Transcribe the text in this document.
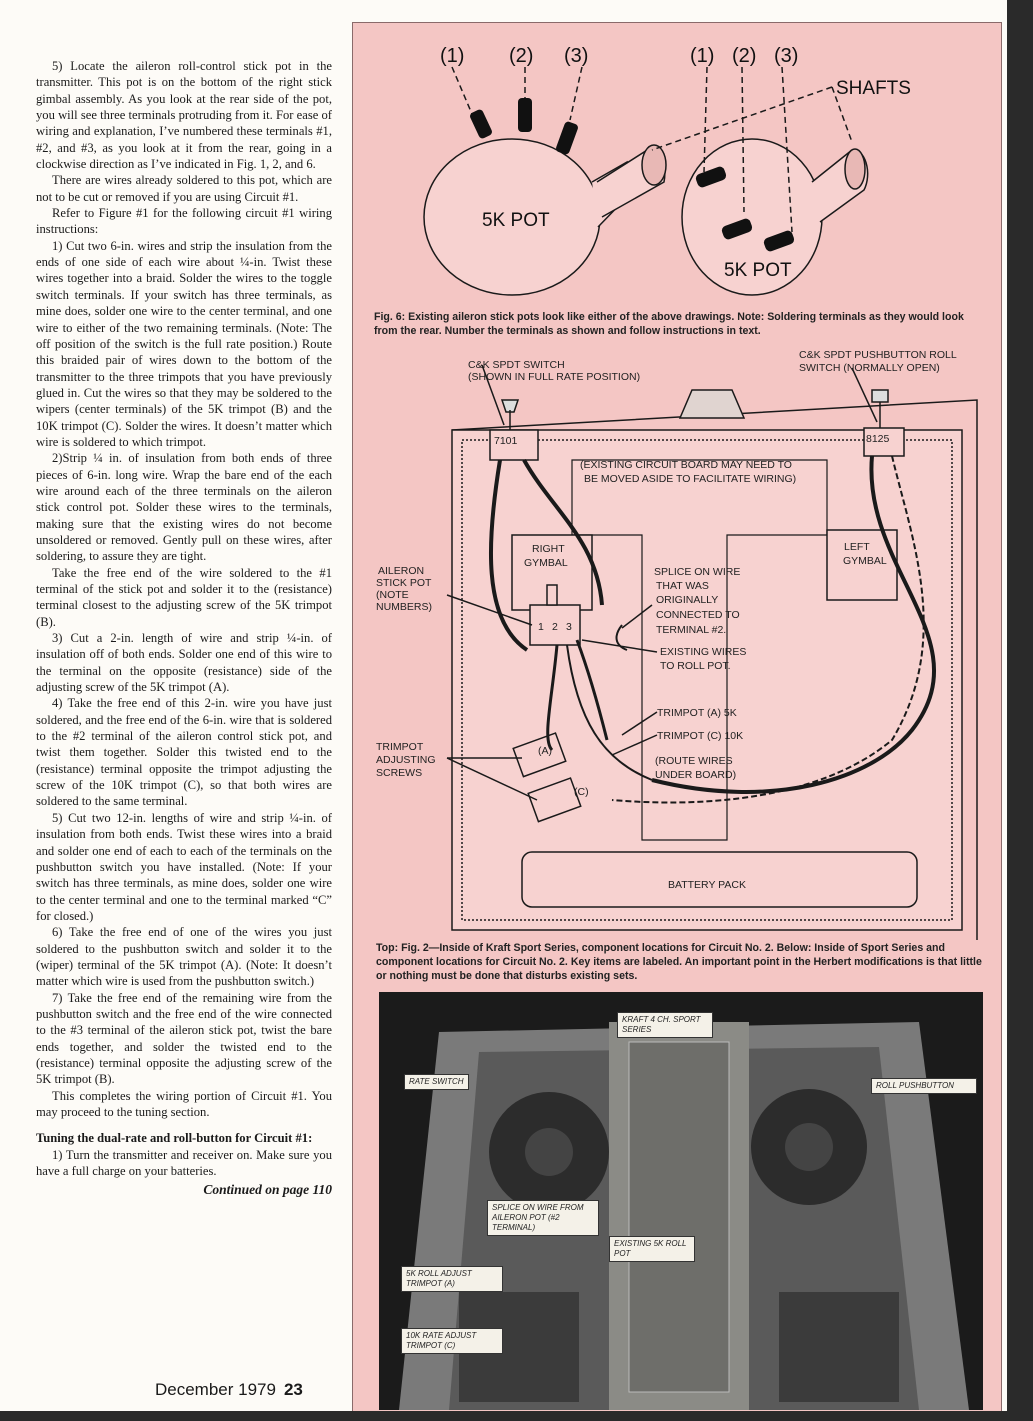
5) Locate the aileron roll-control stick pot in the transmitter. This pot is on the bottom of the right stick gimbal assembly. As you look at the rear side of the pot, you will see three terminals protruding from it. For ease of wiring and explanation, I’ve numbered these terminals #1, #2, and #3, as you look at it from the rear, going in a clockwise direction as I’ve indicated in Fig. 1, 2, and 6.

There are wires already soldered to this pot, which are not to be cut or removed if you are using Circuit #1.

Refer to Figure #1 for the following circuit #1 wiring instructions:

1) Cut two 6-in. wires and strip the insulation from the ends of one side of each wire about ¼-in. Twist these wires together into a braid. Solder the wires to the toggle switch terminals. If your switch has three terminals, as mine does, solder one wire to the center terminal, and one wire to either of the two remaining terminals. (Note: The off position of the switch is the full rate position.) Route this braided pair of wires down to the bottom of the transmitter to the three trimpots that you have previously glued in. Cut the wires so that they may be soldered to the wipers (center terminals) of the 5K trimpot (B) and the 10K trimpot (C). Solder the wires. It doesn’t matter which wire is soldered to which trimpot.

2)Strip ¼ in. of insulation from both ends of three pieces of 6-in. long wire. Wrap the bare end of the each wire around each of the three terminals on the aileron stick control pot. Solder these wires to the terminals, making sure that the existing wires do not become unsoldered or removed. Gently pull on these wires, after soldering, to assure they are tight.

Take the free end of the wire soldered to the #1 terminal of the stick pot and solder it to the (resistance) terminal closest to the adjusting screw of the 5K trimpot (B).

3) Cut a 2-in. length of wire and strip ¼-in. of insulation off of both ends. Solder one end of this wire to the terminal on the opposite (resistance) side of the adjusting screw of the 5K trimpot (A).

4) Take the free end of this 2-in. wire you have just soldered, and the free end of the 6-in. wire that is soldered to the #2 terminal of the aileron control stick pot, and twist them together. Solder this twisted end to the (resistance) terminal opposite the trimpot adjusting the screw of the 10K trimpot (C), so that both wires are soldered to the same terminal.

5) Cut two 12-in. lengths of wire and strip ¼-in. of insulation from both ends. Twist these wires into a braid and solder one end of each to each of the terminals on the pushbutton switch you have installed. (Note: If your switch has three terminals, as mine does, solder one wire to the center terminal and one to the terminal marked “C” for closed.)

6) Take the free end of one of the wires you just soldered to the pushbutton switch and solder it to the (wiper) terminal of the 5K trimpot (A). (Note: It doesn’t matter which wire is used from the pushbutton switch.)

7) Take the free end of the remaining wire from the pushbutton switch and the free end of the wire connected to the #3 terminal of the aileron stick pot, twist the bare ends together, and solder the twisted end to the (resistance) terminal opposite the adjusting screw of the 5K trimpot (B).

This completes the wiring portion of Circuit #1. You may proceed to the tuning section.

Tuning the dual-rate and roll-button for Circuit #1:

1) Turn the transmitter and receiver on. Make sure you have a full charge on your batteries.

Continued on page 110

December 1979 23
(1) (2) (3)	(1) (2) (3)
SHAFTS
5K POT
5K POT
Fig. 6: Existing aileron stick pots look like either of the above drawings. Note: Soldering terminals as they would look from the rear. Number the terminals as shown and follow instructions in text.
C&K SPDT SWITCH
(SHOWN IN FULL RATE POSITION)
C&K SPDT PUSHBUTTON ROLL
SWITCH (NORMALLY OPEN)
7101	8125
(EXISTING CIRCUIT BOARD MAY NEED TO
BE MOVED ASIDE TO FACILITATE WIRING)
RIGHT
GYMBAL
LEFT
GYMBAL
AILERON
STICK POT
(NOTE
NUMBERS)
SPLICE ON WIRE
THAT WAS
ORIGINALLY
CONNECTED TO
TERMINAL #2.
EXISTING WIRES
TO ROLL POT.
TRIMPOT (A) 5K
TRIMPOT (C) 10K
(ROUTE WIRES
UNDER BOARD)
TRIMPOT
ADJUSTING
SCREWS
1 2 3
(A)
(C)
BATTERY PACK
Top: Fig. 2—Inside of Kraft Sport Series, component locations for Circuit No. 2. Below: Inside of Sport Series and component locations for Circuit No. 2. Key items are labeled. An important point in the Herbert modifications is that little or nothing must be done that disturbs existing sets.
KRAFT 4 CH. SPORT SERIES
RATE SWITCH	ROLL PUSHBUTTON
SPLICE ON WIRE FROM AILERON POT (#2 TERMINAL)
EXISTING 5K ROLL POT
5K ROLL ADJUST TRIMPOT (A)
10K RATE ADJUST TRIMPOT (C)
